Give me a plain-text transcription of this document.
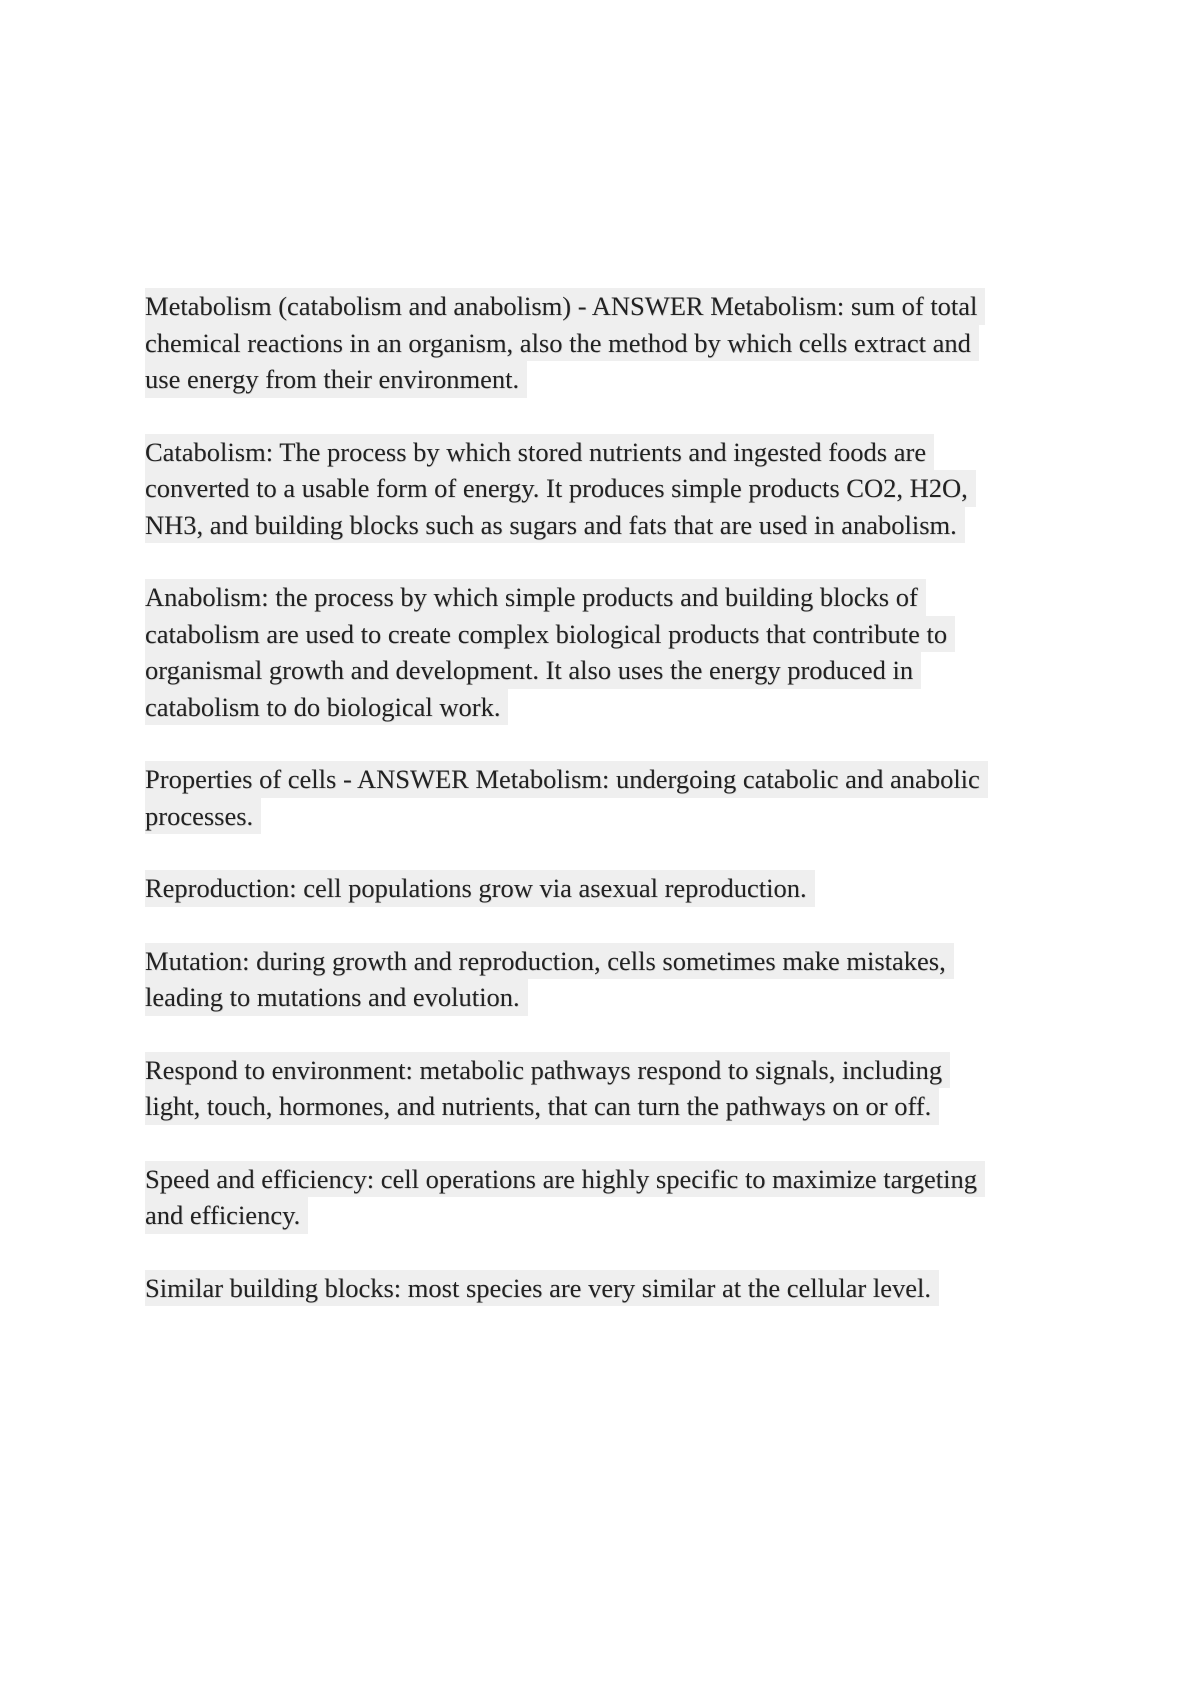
Metabolism (catabolism and anabolism) - ANSWER Metabolism: sum of total
chemical reactions in an organism, also the method by which cells extract and
use energy from their environment.
Catabolism: The process by which stored nutrients and ingested foods are
converted to a usable form of energy. It produces simple products CO2, H2O,
NH3, and building blocks such as sugars and fats that are used in anabolism.
Anabolism: the process by which simple products and building blocks of
catabolism are used to create complex biological products that contribute to
organismal growth and development. It also uses the energy produced in
catabolism to do biological work.
Properties of cells - ANSWER Metabolism: undergoing catabolic and anabolic
processes.
Reproduction: cell populations grow via asexual reproduction.
Mutation: during growth and reproduction, cells sometimes make mistakes,
leading to mutations and evolution.
Respond to environment: metabolic pathways respond to signals, including
light, touch, hormones, and nutrients, that can turn the pathways on or off.
Speed and efficiency: cell operations are highly specific to maximize targeting
and efficiency.
Similar building blocks: most species are very similar at the cellular level.
